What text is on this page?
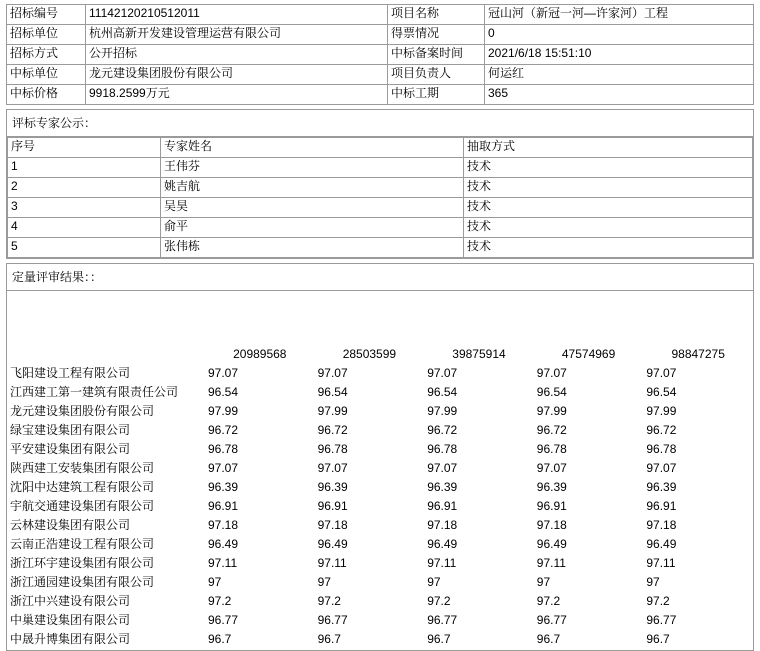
招标编号	11142120210512011	项目名称	冠山河（新冠一河—许家河）工程
招标单位	杭州高新开发建设管理运营有限公司	得票情况	0
招标方式	公开招标	中标备案时间	2021/6/18 15:51:10
中标单位	龙元建设集团股份有限公司	项目负责人	何运红
中标价格	9918.2599万元	中标工期	365
评标专家公示：
序号	专家姓名	抽取方式
1	王伟芬	技术
2	姚吉航	技术
3	吴昊	技术
4	俞平	技术
5	张伟栋	技术
定量评审结果：：
	20989568	28503599	39875914	47574969	98847275
飞阳建设工程有限公司	97.07	97.07	97.07	97.07	97.07
江西建工第一建筑有限责任公司	96.54	96.54	96.54	96.54	96.54
龙元建设集团股份有限公司	97.99	97.99	97.99	97.99	97.99
绿宝建设集团有限公司	96.72	96.72	96.72	96.72	96.72
平安建设集团有限公司	96.78	96.78	96.78	96.78	96.78
陕西建工安装集团有限公司	97.07	97.07	97.07	97.07	97.07
沈阳中达建筑工程有限公司	96.39	96.39	96.39	96.39	96.39
宇航交通建设集团有限公司	96.91	96.91	96.91	96.91	96.91
云林建设集团有限公司	97.18	97.18	97.18	97.18	97.18
云南正浩建设工程有限公司	96.49	96.49	96.49	96.49	96.49
浙江环宇建设集团有限公司	97.11	97.11	97.11	97.11	97.11
浙江通园建设集团有限公司	97	97	97	97	97
浙江中兴建设有限公司	97.2	97.2	97.2	97.2	97.2
中巢建设集团有限公司	96.77	96.77	96.77	96.77	96.77
中晟升博集团有限公司	96.7	96.7	96.7	96.7	96.7
